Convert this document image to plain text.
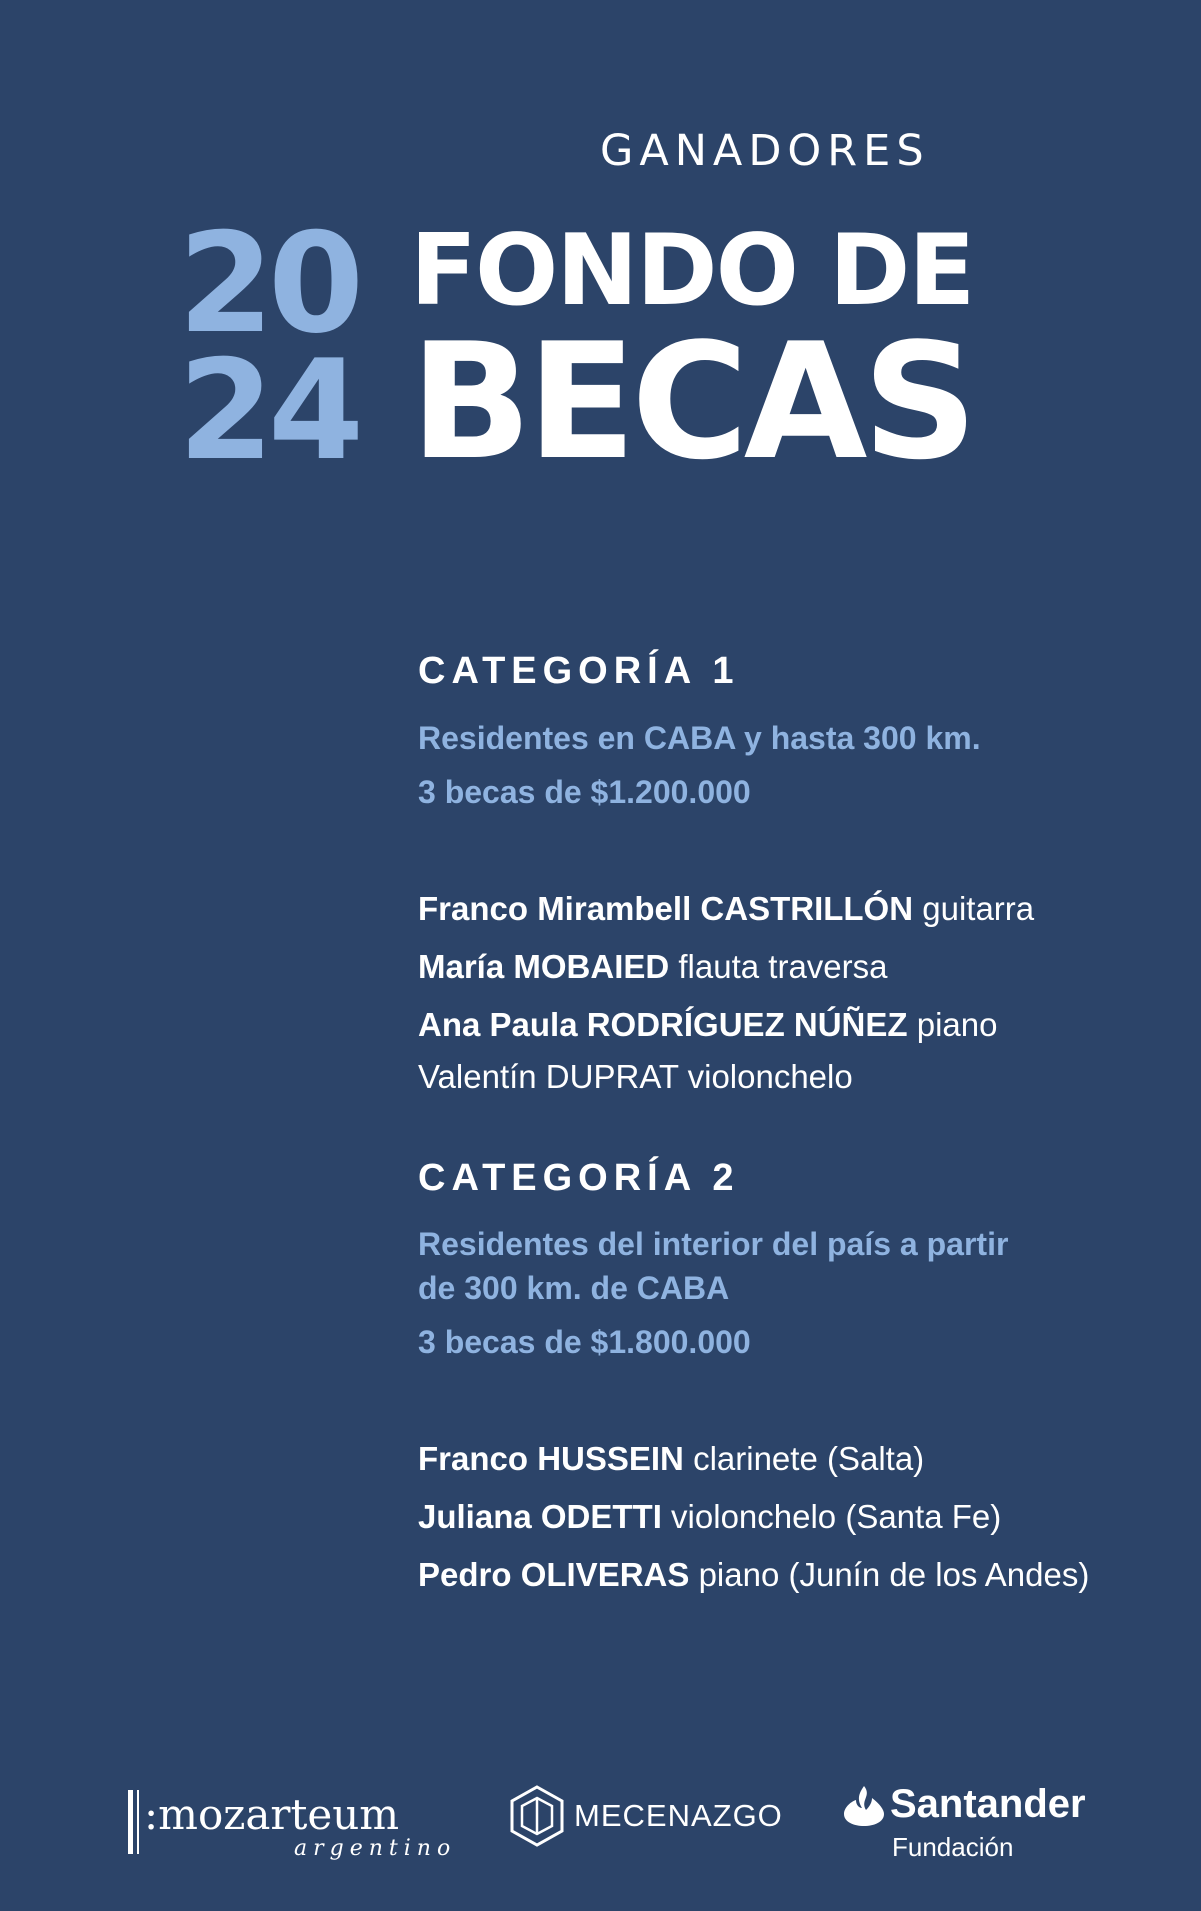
GANADORES
20
24
FONDO DE
BECAS
CATEGORÍA 1
Residentes en CABA y hasta 300 km.
3 becas de $1.200.000
Franco Mirambell CASTRILLÓN guitarra
María MOBAIED flauta traversa
Ana Paula RODRÍGUEZ NÚÑEZ piano
Valentín DUPRAT violonchelo
CATEGORÍA 2
Residentes del interior del país a partir
de 300 km. de CABA
3 becas de $1.800.000
Franco HUSSEIN clarinete (Salta)
Juliana ODETTI violonchelo (Santa Fe)
Pedro OLIVERAS piano (Junín de los Andes)
:mozarteum
argentino
MECENAZGO	Santander
Fundación
